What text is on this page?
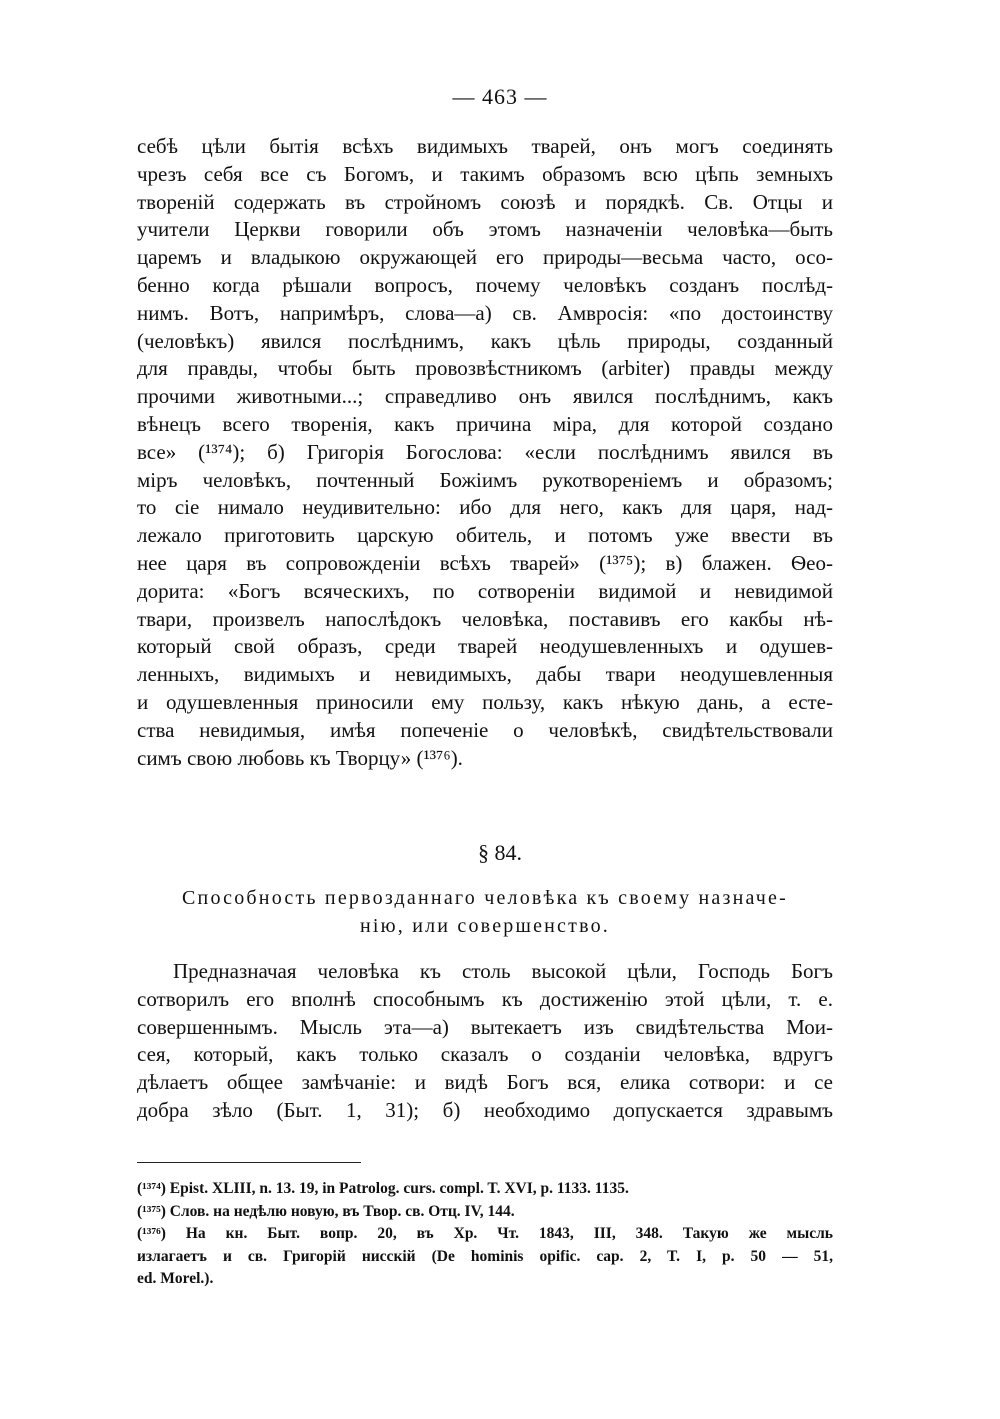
— 463 —
себѣ цѣли бытія всѣхъ видимыхъ тварей, онъ могъ соединять
чрезъ себя все съ Богомъ, и такимъ образомъ всю цѣпь земныхъ
твореній содержать въ стройномъ союзѣ и порядкѣ. Св. Отцы и
учители Церкви говорили объ этомъ назначеніи человѣка—быть
царемъ и владыкою окружающей его природы—весьма часто, осо-
бенно когда рѣшали вопросъ, почему человѣкъ созданъ послѣд-
нимъ. Вотъ, напримѣръ, слова—а) св. Амвросія: «по достоинству
(человѣкъ) явился послѣднимъ, какъ цѣль природы, созданный
для правды, чтобы быть провозвѣстникомъ (arbiter) правды между
прочими животными...; справедливо онъ явился послѣднимъ, какъ
вѣнецъ всего творенія, какъ причина міра, для которой создано
все» (¹³⁷⁴); б) Григорія Богослова: «если послѣднимъ явился въ
міръ человѣкъ, почтенный Божіимъ рукотвореніемъ и образомъ;
то сіе нимало неудивительно: ибо для него, какъ для царя, над-
лежало приготовить царскую обитель, и потомъ уже ввести въ
нее царя въ сопровожденіи всѣхъ тварей» (¹³⁷⁵); в) блажен. Ѳео-
дорита: «Богъ всяческихъ, по сотвореніи видимой и невидимой
твари, произвелъ напослѣдокъ человѣка, поставивъ его какбы нѣ-
который свой образъ, среди тварей неодушевленныхъ и одушев-
ленныхъ, видимыхъ и невидимыхъ, дабы твари неодушевленныя
и одушевленныя приносили ему пользу, какъ нѣкую дань, а есте-
ства невидимыя, имѣя попеченіе о человѣкѣ, свидѣтельствовали
симъ свою любовь къ Творцу» (¹³⁷⁶).
§ 84.
Способность первозданнаго человѣка къ своему назначе-
нію, или совершенство.
Предназначая человѣка къ столь высокой цѣли, Господь Богъ
сотворилъ его вполнѣ способнымъ къ достиженію этой цѣли, т. е.
совершеннымъ. Мысль эта—а) вытекаетъ изъ свидѣтельства Мои-
сея, который, какъ только сказалъ о созданіи человѣка, вдругъ
дѣлаетъ общее замѣчаніе: и видѣ Богъ вся, елика сотвори: и се
добра зѣло (Быт. 1, 31); б) необходимо допускается здравымъ
(¹³⁷⁴) Epist. XLIII, n. 13. 19, in Patrolog. curs. compl. T. XVI, p. 1133. 1135.
(¹³⁷⁵) Слов. на недѣлю новую, въ Твор. св. Отц. IV, 144.
(¹³⁷⁶) На кн. Быт. вопр. 20, въ Хр. Чт. 1843, III, 348. Такую же мысль
излагаетъ и св. Григорій нисскій (De hominis opific. cap. 2, T. I, p. 50 — 51,
ed. Morel.).
